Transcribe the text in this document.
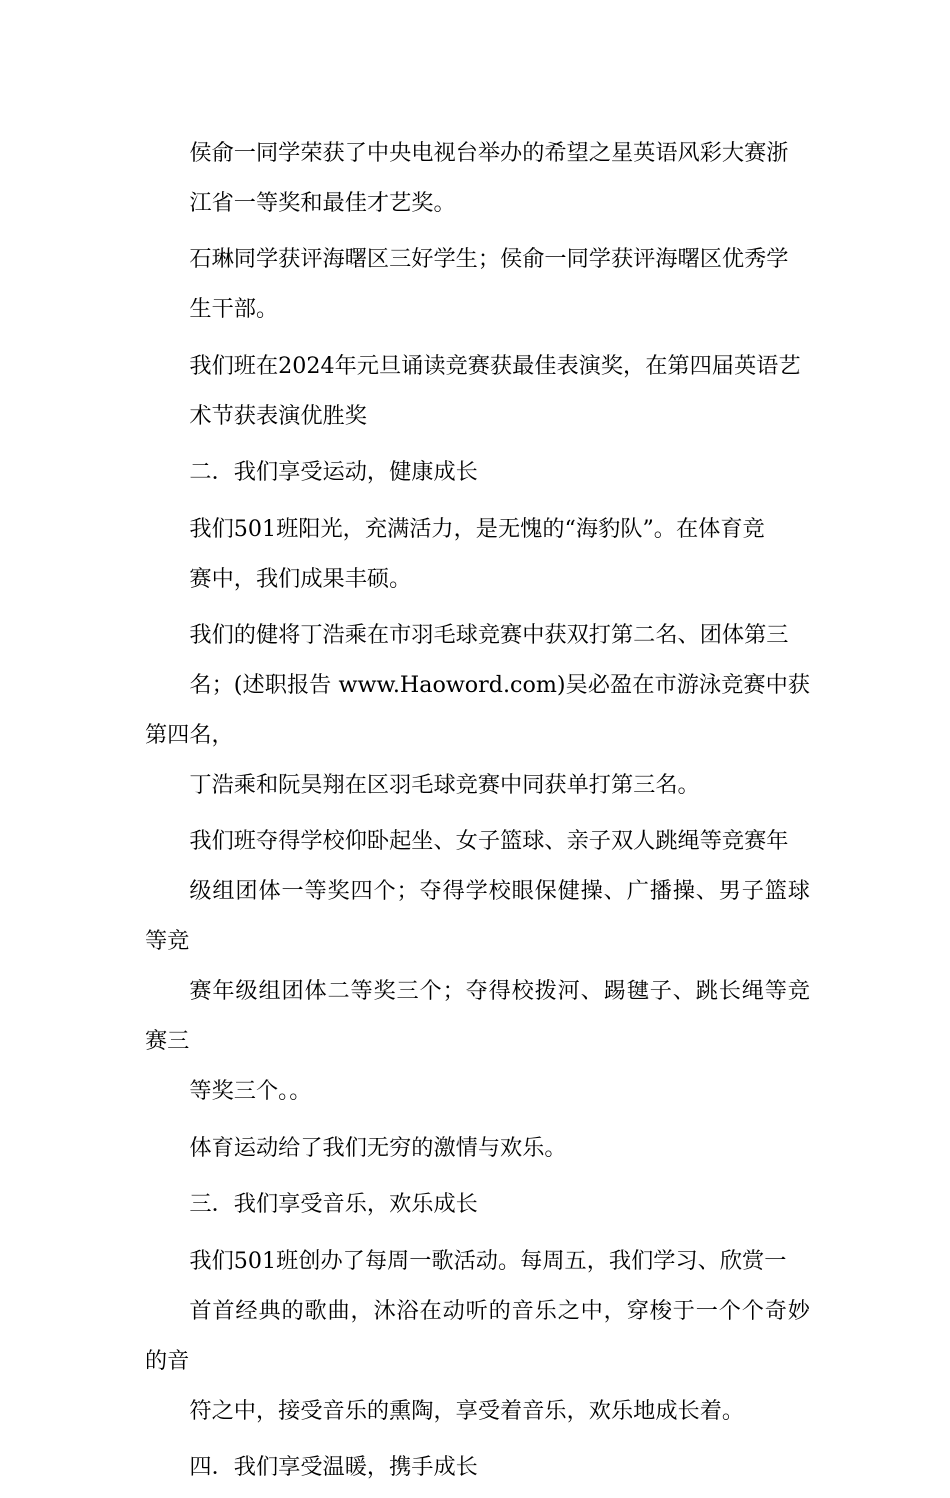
侯俞一同学荣获了中央电视台举办的希望之星英语风彩大赛浙
江省一等奖和最佳才艺奖。

石琳同学获评海曙区三好学生；侯俞一同学获评海曙区优秀学
生干部。

我们班在2024年元旦诵读竞赛获最佳表演奖，在第四届英语艺
术节获表演优胜奖

二．我们享受运动，健康成长

我们501班阳光，充满活力，是无愧的“海豹队”。在体育竞
赛中，我们成果丰硕。

我们的健将丁浩乘在市羽毛球竞赛中获双打第二名、团体第三
名；(述职报告 www.Haoword.com)吴必盈在市游泳竞赛中获第四名，
丁浩乘和阮昊翔在区羽毛球竞赛中同获单打第三名。

我们班夺得学校仰卧起坐、女子篮球、亲子双人跳绳等竞赛年
级组团体一等奖四个；夺得学校眼保健操、广播操、男子篮球等竞
赛年级组团体二等奖三个；夺得校拨河、踢毽子、跳长绳等竞赛三
等奖三个。。

体育运动给了我们无穷的激情与欢乐。

三．我们享受音乐，欢乐成长

我们501班创办了每周一歌活动。每周五，我们学习、欣赏一
首首经典的歌曲，沐浴在动听的音乐之中，穿梭于一个个奇妙的音
符之中，接受音乐的熏陶，享受着音乐，欢乐地成长着。

四．我们享受温暖，携手成长
